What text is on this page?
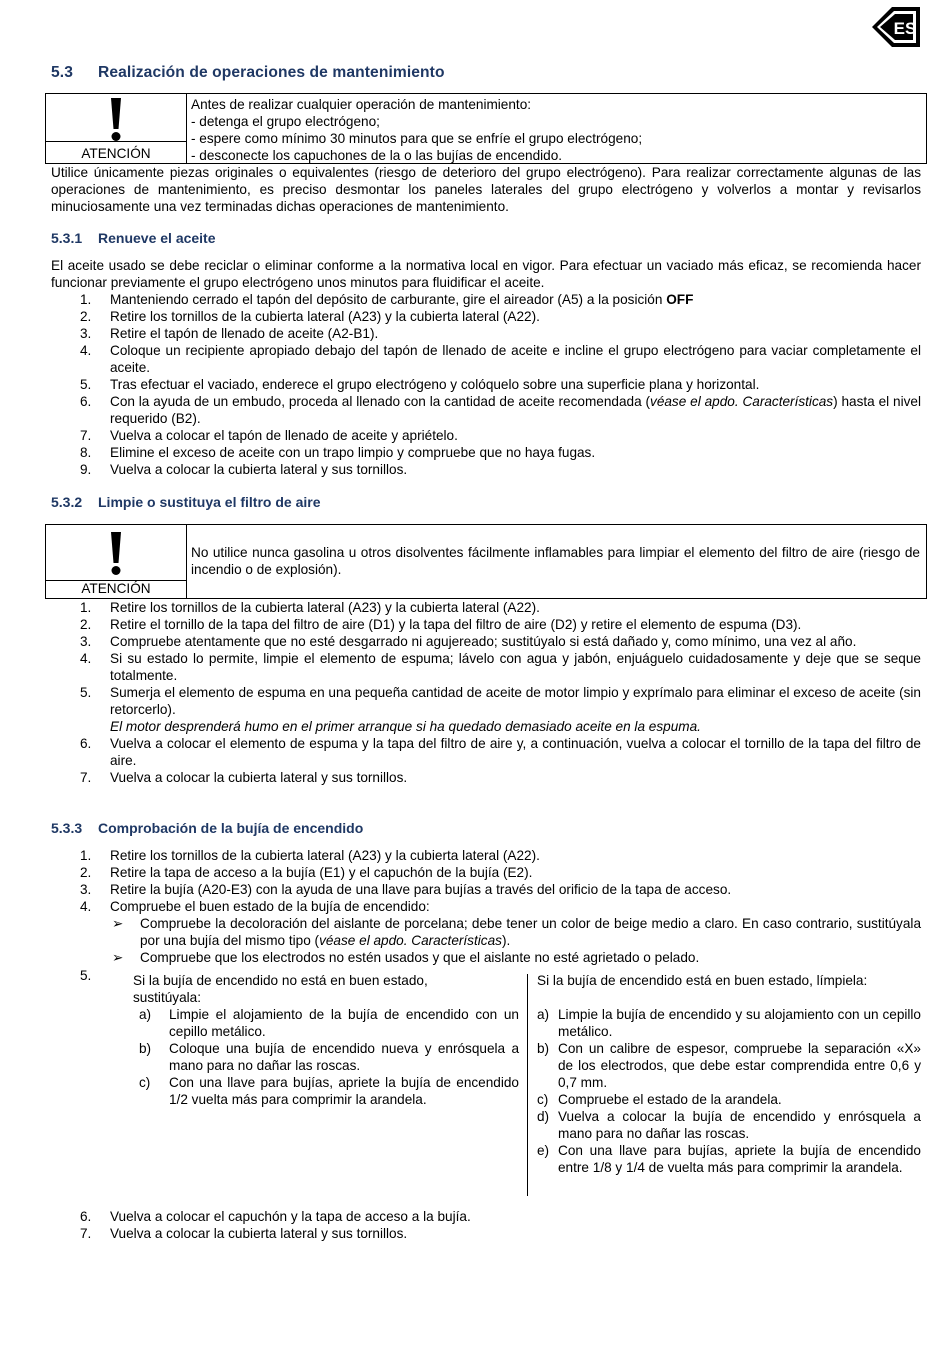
ES
5.3 Realización de operaciones de mantenimiento
ATENCIÓN
Antes de realizar cualquier operación de mantenimiento:
- detenga el grupo electrógeno;
- espere como mínimo 30 minutos para que se enfríe el grupo electrógeno;
- desconecte los capuchones de la o las bujías de encendido.
Utilice únicamente piezas originales o equivalentes (riesgo de deterioro del grupo electrógeno). Para realizar correctamente algunas de las operaciones de mantenimiento, es preciso desmontar los paneles laterales del grupo electrógeno y volverlos a montar y revisarlos minuciosamente una vez terminadas dichas operaciones de mantenimiento.
5.3.1 Renueve el aceite
El aceite usado se debe reciclar o eliminar conforme a la normativa local en vigor. Para efectuar un vaciado más eficaz, se recomienda hacer funcionar previamente el grupo electrógeno unos minutos para fluidificar el aceite.
1. Manteniendo cerrado el tapón del depósito de carburante, gire el aireador (A5) a la posición OFF
2. Retire los tornillos de la cubierta lateral (A23) y la cubierta lateral (A22).
3. Retire el tapón de llenado de aceite (A2-B1).
4. Coloque un recipiente apropiado debajo del tapón de llenado de aceite e incline el grupo electrógeno para vaciar completamente el aceite.
5. Tras efectuar el vaciado, enderece el grupo electrógeno y colóquelo sobre una superficie plana y horizontal.
6. Con la ayuda de un embudo, proceda al llenado con la cantidad de aceite recomendada (véase el apdo. Características) hasta el nivel requerido (B2).
7. Vuelva a colocar el tapón de llenado de aceite y apriételo.
8. Elimine el exceso de aceite con un trapo limpio y compruebe que no haya fugas.
9. Vuelva a colocar la cubierta lateral y sus tornillos.
5.3.2 Limpie o sustituya el filtro de aire
ATENCIÓN
No utilice nunca gasolina u otros disolventes fácilmente inflamables para limpiar el elemento del filtro de aire (riesgo de incendio o de explosión).
1. Retire los tornillos de la cubierta lateral (A23) y la cubierta lateral (A22).
2. Retire el tornillo de la tapa del filtro de aire (D1) y la tapa del filtro de aire (D2) y retire el elemento de espuma (D3).
3. Compruebe atentamente que no esté desgarrado ni agujereado; sustitúyalo si está dañado y, como mínimo, una vez al año.
4. Si su estado lo permite, limpie el elemento de espuma; lávelo con agua y jabón, enjuáguelo cuidadosamente y deje que se seque totalmente.
5. Sumerja el elemento de espuma en una pequeña cantidad de aceite de motor limpio y exprímalo para eliminar el exceso de aceite (sin retorcerlo).
El motor desprenderá humo en el primer arranque si ha quedado demasiado aceite en la espuma.
6. Vuelva a colocar el elemento de espuma y la tapa del filtro de aire y, a continuación, vuelva a colocar el tornillo de la tapa del filtro de aire.
7. Vuelva a colocar la cubierta lateral y sus tornillos.
5.3.3 Comprobación de la bujía de encendido
1. Retire los tornillos de la cubierta lateral (A23) y la cubierta lateral (A22).
2. Retire la tapa de acceso a la bujía (E1) y el capuchón de la bujía (E2).
3. Retire la bujía (A20-E3) con la ayuda de una llave para bujías a través del orificio de la tapa de acceso.
4. Compruebe el buen estado de la bujía de encendido:
➢ Compruebe la decoloración del aislante de porcelana; debe tener un color de beige medio a claro. En caso contrario, sustitúyala por una bujía del mismo tipo (véase el apdo. Características).
➢ Compruebe que los electrodos no estén usados y que el aislante no esté agrietado o pelado.
5.	Si la bujía de encendido no está en buen estado, sustitúyala:
a) Limpie el alojamiento de la bujía de encendido con un cepillo metálico.
b) Coloque una bujía de encendido nueva y enrósquela a mano para no dañar las roscas.
c) Con una llave para bujías, apriete la bujía de encendido 1/2 vuelta más para comprimir la arandela.
Si la bujía de encendido está en buen estado, límpiela:
a) Limpie la bujía de encendido y su alojamiento con un cepillo metálico.
b) Con un calibre de espesor, compruebe la separación «X» de los electrodos, que debe estar comprendida entre 0,6 y 0,7 mm.
c) Compruebe el estado de la arandela.
d) Vuelva a colocar la bujía de encendido y enrósquela a mano para no dañar las roscas.
e) Con una llave para bujías, apriete la bujía de encendido entre 1/8 y 1/4 de vuelta más para comprimir la arandela.
6. Vuelva a colocar el capuchón y la tapa de acceso a la bujía.
7. Vuelva a colocar la cubierta lateral y sus tornillos.
